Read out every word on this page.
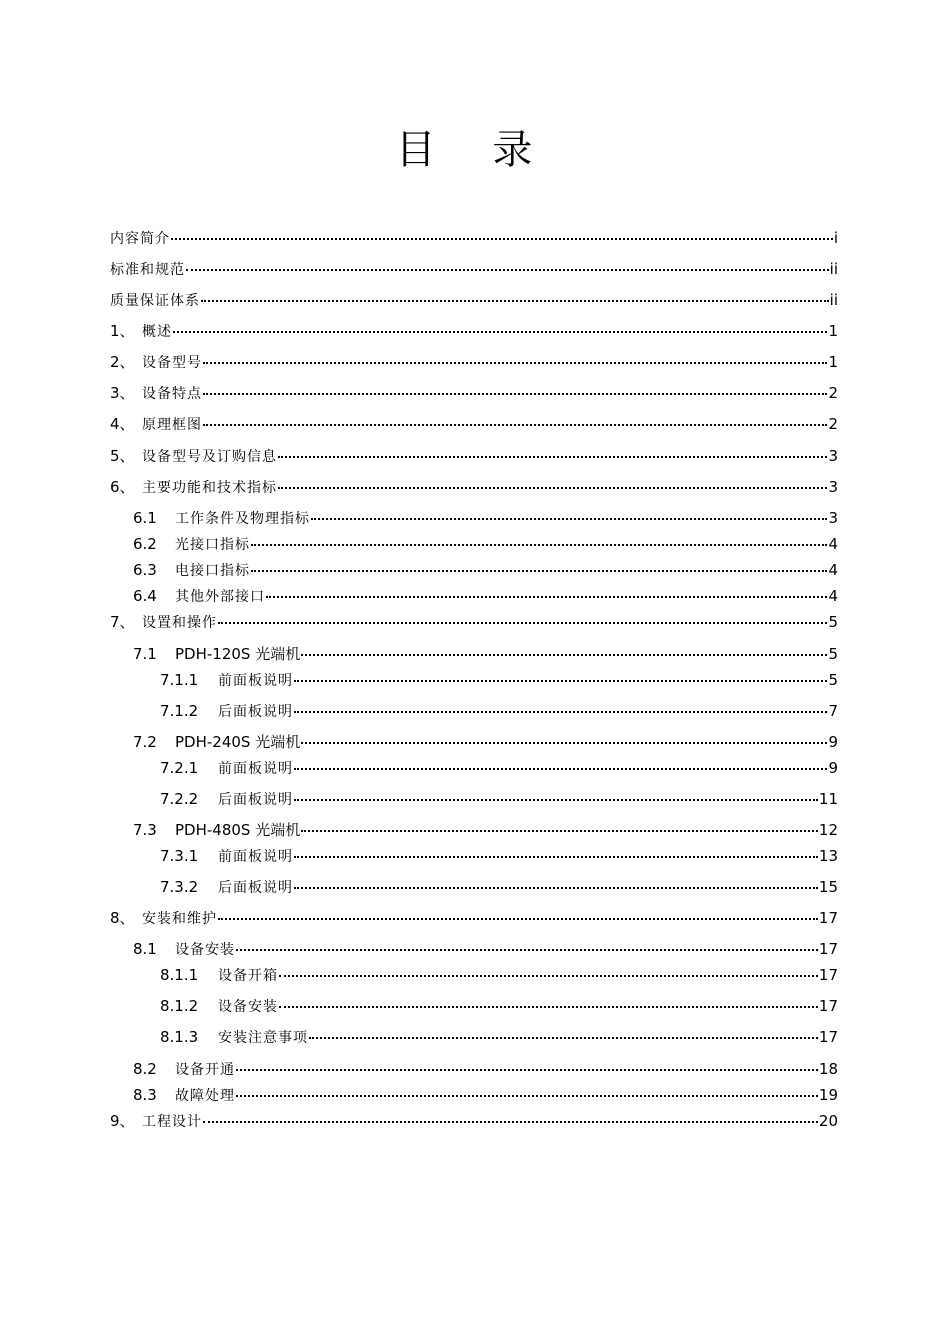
目 录
内容简介	i
标准和规范	ii
质量保证体系	ii
1、 概述	1
2、 设备型号	1
3、 设备特点	2
4、 原理框图	2
5、 设备型号及订购信息	3
6、 主要功能和技术指标	3
6.1	工作条件及物理指标	3
6.2	光接口指标	4
6.3	电接口指标	4
6.4	其他外部接口	4
7、 设置和操作	5
7.1	PDH-120S 光端机	5
7.1.1	前面板说明	5
7.1.2	后面板说明	7
7.2	PDH-240S 光端机	9
7.2.1	前面板说明	9
7.2.2	后面板说明	11
7.3	PDH-480S 光端机	12
7.3.1	前面板说明	13
7.3.2	后面板说明	15
8、 安装和维护	17
8.1	设备安装	17
8.1.1	设备开箱	17
8.1.2	设备安装	17
8.1.3	安装注意事项	17
8.2	设备开通	18
8.3	故障处理	19
9、 工程设计	20
